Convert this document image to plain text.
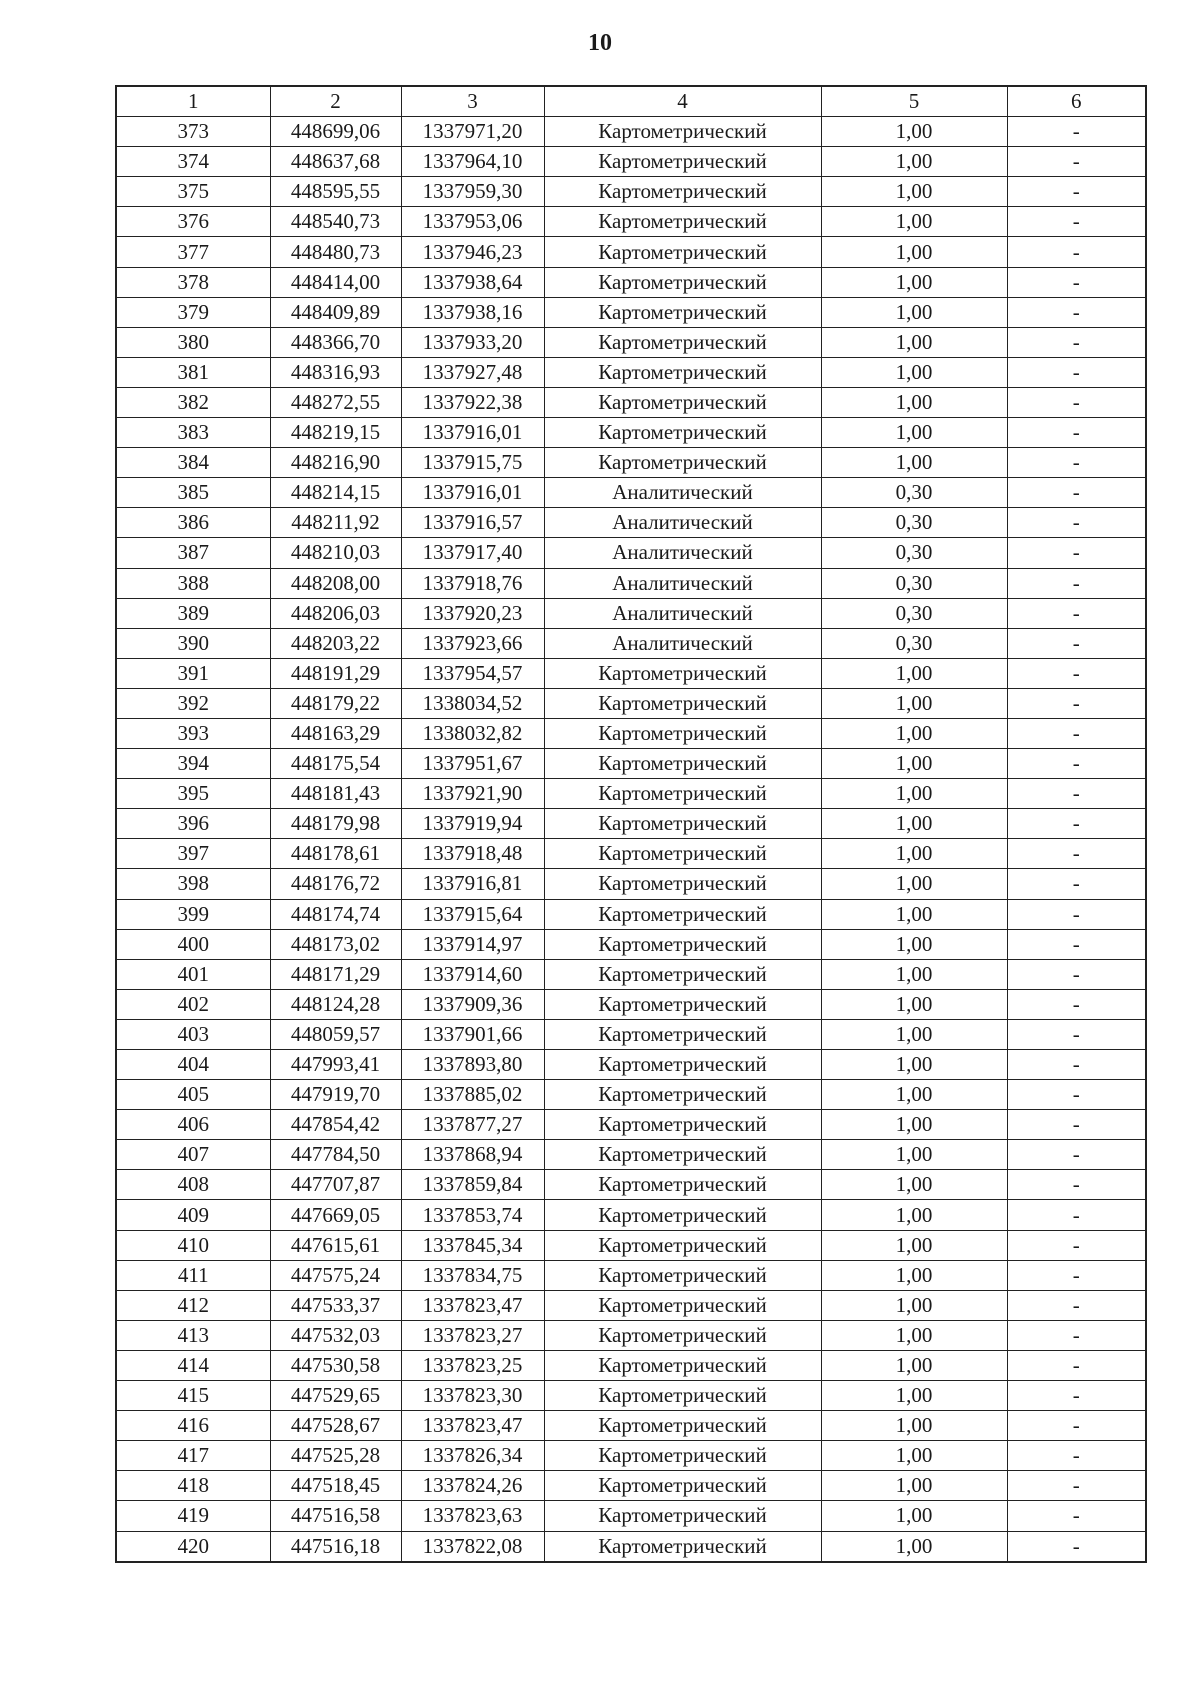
10
1	2	3	4	5	6
373	448699,06	1337971,20	Картометрический	1,00	-
374	448637,68	1337964,10	Картометрический	1,00	-
375	448595,55	1337959,30	Картометрический	1,00	-
376	448540,73	1337953,06	Картометрический	1,00	-
377	448480,73	1337946,23	Картометрический	1,00	-
378	448414,00	1337938,64	Картометрический	1,00	-
379	448409,89	1337938,16	Картометрический	1,00	-
380	448366,70	1337933,20	Картометрический	1,00	-
381	448316,93	1337927,48	Картометрический	1,00	-
382	448272,55	1337922,38	Картометрический	1,00	-
383	448219,15	1337916,01	Картометрический	1,00	-
384	448216,90	1337915,75	Картометрический	1,00	-
385	448214,15	1337916,01	Аналитический	0,30	-
386	448211,92	1337916,57	Аналитический	0,30	-
387	448210,03	1337917,40	Аналитический	0,30	-
388	448208,00	1337918,76	Аналитический	0,30	-
389	448206,03	1337920,23	Аналитический	0,30	-
390	448203,22	1337923,66	Аналитический	0,30	-
391	448191,29	1337954,57	Картометрический	1,00	-
392	448179,22	1338034,52	Картометрический	1,00	-
393	448163,29	1338032,82	Картометрический	1,00	-
394	448175,54	1337951,67	Картометрический	1,00	-
395	448181,43	1337921,90	Картометрический	1,00	-
396	448179,98	1337919,94	Картометрический	1,00	-
397	448178,61	1337918,48	Картометрический	1,00	-
398	448176,72	1337916,81	Картометрический	1,00	-
399	448174,74	1337915,64	Картометрический	1,00	-
400	448173,02	1337914,97	Картометрический	1,00	-
401	448171,29	1337914,60	Картометрический	1,00	-
402	448124,28	1337909,36	Картометрический	1,00	-
403	448059,57	1337901,66	Картометрический	1,00	-
404	447993,41	1337893,80	Картометрический	1,00	-
405	447919,70	1337885,02	Картометрический	1,00	-
406	447854,42	1337877,27	Картометрический	1,00	-
407	447784,50	1337868,94	Картометрический	1,00	-
408	447707,87	1337859,84	Картометрический	1,00	-
409	447669,05	1337853,74	Картометрический	1,00	-
410	447615,61	1337845,34	Картометрический	1,00	-
411	447575,24	1337834,75	Картометрический	1,00	-
412	447533,37	1337823,47	Картометрический	1,00	-
413	447532,03	1337823,27	Картометрический	1,00	-
414	447530,58	1337823,25	Картометрический	1,00	-
415	447529,65	1337823,30	Картометрический	1,00	-
416	447528,67	1337823,47	Картометрический	1,00	-
417	447525,28	1337826,34	Картометрический	1,00	-
418	447518,45	1337824,26	Картометрический	1,00	-
419	447516,58	1337823,63	Картометрический	1,00	-
420	447516,18	1337822,08	Картометрический	1,00	-
